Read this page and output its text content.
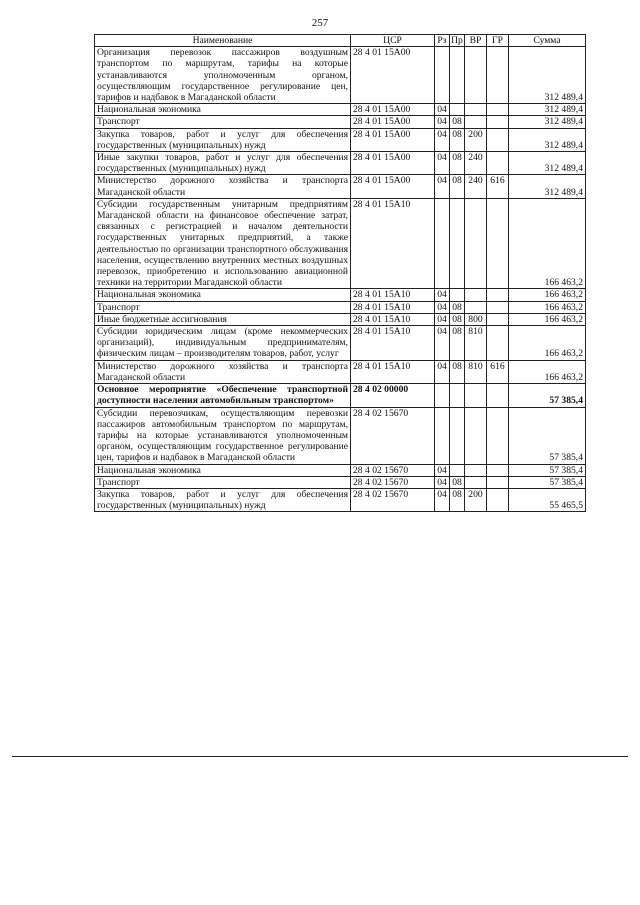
257
Наименование	ЦСР	Рз	Пр	ВР	ГР	Сумма
Организация перевозок пассажиров воздушным транспортом по маршрутам, тарифы на которые устанавливаются уполномоченным органом, осуществляющим государственное регулирование цен, тарифов и надбавок в Магаданской области	28 4 01 15А00					312 489,4
Национальная экономика	28 4 01 15А00	04				312 489,4
Транспорт	28 4 01 15А00	04	08			312 489,4
Закупка товаров, работ и услуг для обеспечения государственных (муниципальных) нужд	28 4 01 15А00	04	08	200		312 489,4
Иные закупки товаров, работ и услуг для обеспечения государственных (муниципальных) нужд	28 4 01 15А00	04	08	240		312 489,4
Министерство дорожного хозяйства и транспорта Магаданской области	28 4 01 15А00	04	08	240	616	312 489,4
Субсидии государственным унитарным предприятиям Магаданской области на финансовое обеспечение затрат, связанных с регистрацией и началом деятельности государственных унитарных предприятий, а также деятельностью по организации транспортного обслуживания населения, осуществлению внутренних местных воздушных перевозок, приобретению и использованию авиационной техники на территории Магаданской области	28 4 01 15А10					166 463,2
Национальная экономика	28 4 01 15А10	04				166 463,2
Транспорт	28 4 01 15А10	04	08			166 463,2
Иные бюджетные ассигнования	28 4 01 15А10	04	08	800		166 463,2
Субсидии юридическим лицам (кроме некоммерческих организаций), индивидуальным предпринимателям, физическим лицам – производителям товаров, работ, услуг	28 4 01 15А10	04	08	810		166 463,2
Министерство дорожного хозяйства и транспорта Магаданской области	28 4 01 15А10	04	08	810	616	166 463,2
Основное мероприятие «Обеспечение транспортной доступности населения автомобильным транспортом»	28 4 02 00000					57 385,4
Субсидии перевозчикам, осуществляющим перевозки пассажиров автомобильным транспортом по маршрутам, тарифы на которые устанавливаются уполномоченным органом, осуществляющим государственное регулирование цен, тарифов и надбавок в Магаданской области	28 4 02 15670					57 385,4
Национальная экономика	28 4 02 15670	04				57 385,4
Транспорт	28 4 02 15670	04	08			57 385,4
Закупка товаров, работ и услуг для обеспечения государственных (муниципальных) нужд	28 4 02 15670	04	08	200		55 465,5
